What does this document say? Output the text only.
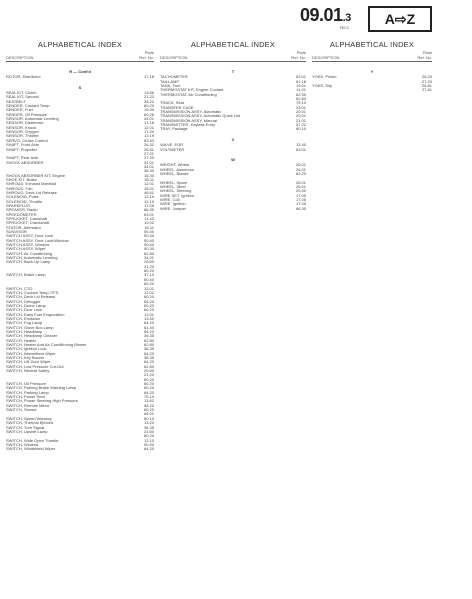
09.01.3
FIG. 3
A⇨Z
ALPHABETICAL INDEX
DESCRIPTION
Plate
Ref. No.
R — Cont'd
ROTOR, Distributor	17.18
S
SEAL KIT, Clutch	13.86
SEAL KIT, Sprockt	21.23
SEATBELT	35.22
SENDER, Coolant Temp.	60.29
SENDER, Fuel	19.30
SENDER, Oil Pressure	60.26
SENSOR, Automatic Leveling	34.01
SENSOR, Distributor	17.18
SENSOR, Knock	12.01
SENSOR, Oxygen	17.20
SENSOR, Throttle	12.19
SERVO, Cruise Control	63.43
SHAFT, Front Axle	26.32
SHAFT, Propeller	26.81
27.01
SHAFT, Rear Axle	27.30
SHOCK ABSORBER	32.01
34.01
36.30
SHOCK ABSORBER KIT, Engine	15.30
SHOE KIT, Brake	35.11
SHROUD, Exhaust Manifold	12.01
SHROUD, Fan	15.01
SHROUD, Deck Lid Release	46.61
SOLENOID, Pulse	12.19
SOLENOID, Throttle	12.19
SPARKPLUG	17.05
SPEAKER, Radio	66.30
SPEEDOMETER	63.01
SPROCKET, Camshaft	11.43
SPROCKET, Crankshaft	10.02
STATOR, Alternator	16.11
SUNVISOR	59.40
SWITCH ASSY, Door Lock	50.40
SWITCH ASSY, Door Lock/Window	50.40
SWITCH ASSY, Window	50.40
SWITCH ASSY, Wiper	50.30
SWITCH, Air Conditioning	62.80
SWITCH, Automatic Leveling	34.01
SWITCH, Back-Up Lamp	20.60
21.20
60.20
SWITCH, Brake Lamp	37.10
60.40
60.20
SWITCH, CTO	12.01
SWITCH, Coolant Temp./TFS	12.01
SWITCH, Deck Lid Release	60.20
SWITCH, Defogger	64.20
SWITCH, Dome Lamp	60.20
SWITCH, Door Lock	60.20
SWITCH, Early Fuel Evaporation	12.01
SWITCH, Emission	13.40
SWITCH, Fog Lamp	64.20
SWITCH, Glove Box Lamp	61.40
SWITCH, Headlamp	64.20
SWITCH, Headlamp Cleaner	36.35
SWITCH, Heater	62.80
SWITCH, Heater And Air Conditioning Blower	62.80
SWITCH, Ignition Lock	36.35
SWITCH, Intermittent Wiper	64.20
SWITCH, Key Buzzer	36.35
SWITCH, Lift Door Wiper	64.20
SWITCH, Low Pressure Cut-Out	62.80
SWITCH, Neutral Safety	20.60
21.20
60.20
SWITCH, Oil Pressure	60.20
SWITCH, Parking Brake Warning Lamp	60.20
SWITCH, Parking Lamp	64.20
SWITCH, Power Seat	75.10
SWITCH, Power Steering High Pressure	13.62
SWITCH, Remote Mirror	58.20
SWITCH, Sensor	60.20
65.01
SWITCH, Speed Warning	60.10
SWITCH, Thermal Ejected	13.20
SWITCH, Turn Signal	36.35
SWITCH, Upshift Lamp	21.60
60.20
SWITCH, Wide Open Throttle	12.10
SWITCH, Window	50.40
SWITCH, Windshield Wiper	64.20
ALPHABETICAL INDEX
DESCRIPTION
Plate
Ref. No.
T
TACHOMETER	63.01
TAILLAMP	61.18
TANK, Fuel	19.01
THERMOSTAT KIT, Engine Coolant	11.01
THERMOSTAT, Air Conditioning	62.50
62.83
TRACK, Seat	75.10
TRANSFER CASE	23.01
TRANSMISSION ASSY, Automatic	20.01
TRANSMISSION ASSY, Automatic Quick List	20.01
TRANSMISSION ASSY, Manual	21.01
TRANSMITTER, Keyless Entry	57.21
TRAY, Package	60.10
V
VALVE, EGR	13.40
VOLTMETER	63.01
W
WEIGHT, Wheel	26.01
WHEEL, Aluminum	26.01
WHEEL, Blower	62.20
WHEEL, Spare	26.01
WHEEL, Steel	26.01
WHEEL, Steering	29.40
WIRE SET, Ignition	17.05
WIRE, Coil	17.05
WIRE, Ignition	17.05
WIRE, Jumper	66.30
ALPHABETICAL INDEX
DESCRIPTION
Plate
Ref. No.
Y
YOKE, Pinion	26.20
27.20
YOKE, Slip	26.81
27.81
